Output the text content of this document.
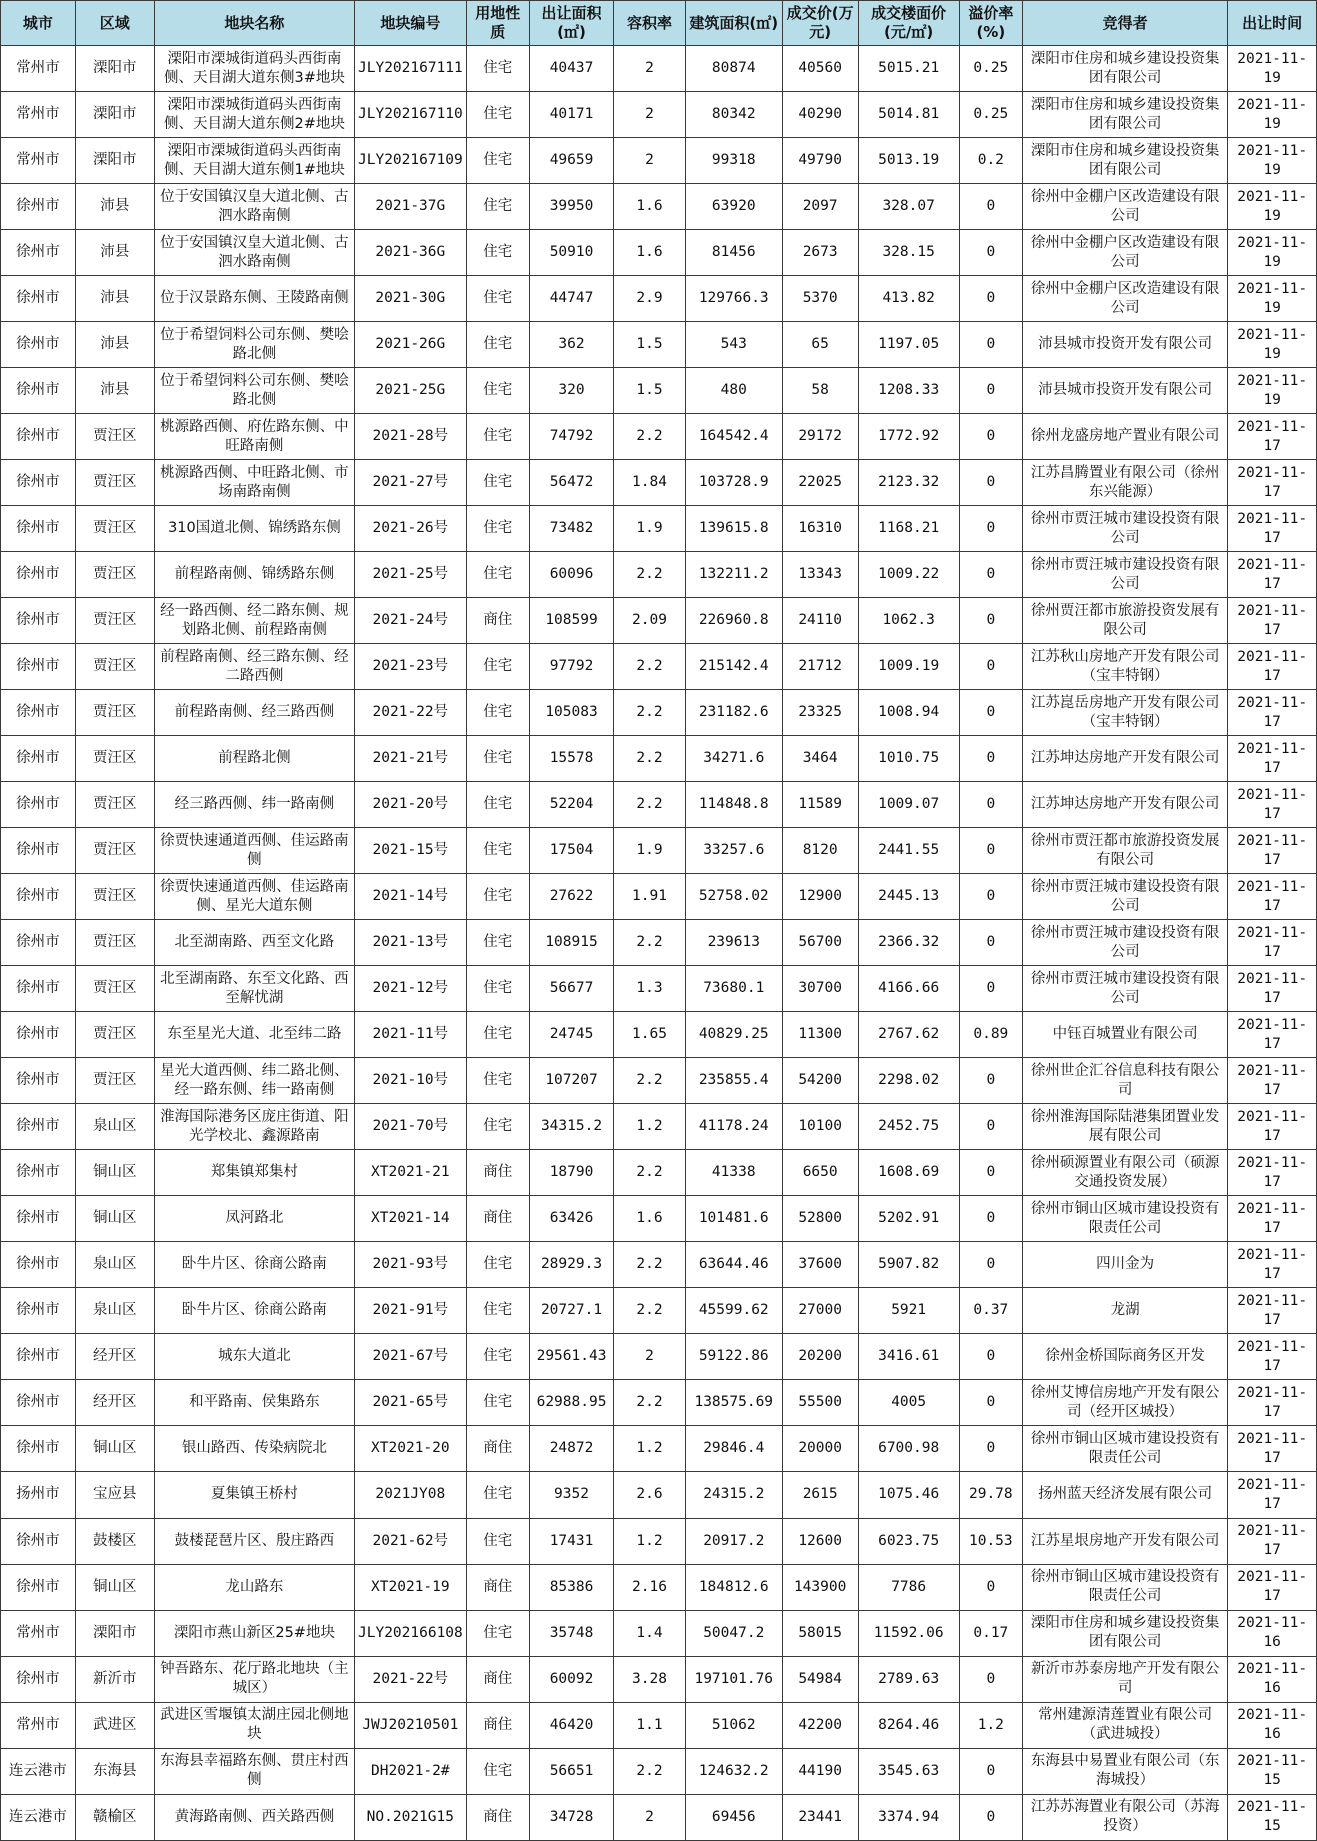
城市	区域	地块名称	地块编号	用地性质	出让面积(㎡)	容积率	建筑面积(㎡)	成交价(万元)	成交楼面价(元/㎡)	溢价率(%)	竞得者	出让时间
常州市	溧阳市	溧阳市溧城街道码头西街南侧、天目湖大道东侧3#地块	JLY202167111	住宅	40437	2	80874	40560	5015.21	0.25	溧阳市住房和城乡建设投资集团有限公司	2021-11-19
常州市	溧阳市	溧阳市溧城街道码头西街南侧、天目湖大道东侧2#地块	JLY202167110	住宅	40171	2	80342	40290	5014.81	0.25	溧阳市住房和城乡建设投资集团有限公司	2021-11-19
常州市	溧阳市	溧阳市溧城街道码头西街南侧、天目湖大道东侧1#地块	JLY202167109	住宅	49659	2	99318	49790	5013.19	0.2	溧阳市住房和城乡建设投资集团有限公司	2021-11-19
徐州市	沛县	位于安国镇汉皇大道北侧、古泗水路南侧	2021-37G	住宅	39950	1.6	63920	2097	328.07	0	徐州中金棚户区改造建设有限公司	2021-11-19
徐州市	沛县	位于安国镇汉皇大道北侧、古泗水路南侧	2021-36G	住宅	50910	1.6	81456	2673	328.15	0	徐州中金棚户区改造建设有限公司	2021-11-19
徐州市	沛县	位于汉景路东侧、王陵路南侧	2021-30G	住宅	44747	2.9	129766.3	5370	413.82	0	徐州中金棚户区改造建设有限公司	2021-11-19
徐州市	沛县	位于希望饲料公司东侧、樊哙路北侧	2021-26G	住宅	362	1.5	543	65	1197.05	0	沛县城市投资开发有限公司	2021-11-19
徐州市	沛县	位于希望饲料公司东侧、樊哙路北侧	2021-25G	住宅	320	1.5	480	58	1208.33	0	沛县城市投资开发有限公司	2021-11-19
徐州市	贾汪区	桃源路西侧、府佐路东侧、中旺路南侧	2021-28号	住宅	74792	2.2	164542.4	29172	1772.92	0	徐州龙盛房地产置业有限公司	2021-11-17
徐州市	贾汪区	桃源路西侧、中旺路北侧、市场南路南侧	2021-27号	住宅	56472	1.84	103728.9	22025	2123.32	0	江苏昌腾置业有限公司（徐州东兴能源）	2021-11-17
徐州市	贾汪区	310国道北侧、锦绣路东侧	2021-26号	住宅	73482	1.9	139615.8	16310	1168.21	0	徐州市贾汪城市建设投资有限公司	2021-11-17
徐州市	贾汪区	前程路南侧、锦绣路东侧	2021-25号	住宅	60096	2.2	132211.2	13343	1009.22	0	徐州市贾汪城市建设投资有限公司	2021-11-17
徐州市	贾汪区	经一路西侧、经二路东侧、规划路北侧、前程路南侧	2021-24号	商住	108599	2.09	226960.8	24110	1062.3	0	徐州贾汪都市旅游投资发展有限公司	2021-11-17
徐州市	贾汪区	前程路南侧、经三路东侧、经二路西侧	2021-23号	住宅	97792	2.2	215142.4	21712	1009.19	0	江苏秋山房地产开发有限公司（宝丰特钢）	2021-11-17
徐州市	贾汪区	前程路南侧、经三路西侧	2021-22号	住宅	105083	2.2	231182.6	23325	1008.94	0	江苏崑岳房地产开发有限公司（宝丰特钢）	2021-11-17
徐州市	贾汪区	前程路北侧	2021-21号	住宅	15578	2.2	34271.6	3464	1010.75	0	江苏坤达房地产开发有限公司	2021-11-17
徐州市	贾汪区	经三路西侧、纬一路南侧	2021-20号	住宅	52204	2.2	114848.8	11589	1009.07	0	江苏坤达房地产开发有限公司	2021-11-17
徐州市	贾汪区	徐贾快速通道西侧、佳运路南侧	2021-15号	住宅	17504	1.9	33257.6	8120	2441.55	0	徐州市贾汪都市旅游投资发展有限公司	2021-11-17
徐州市	贾汪区	徐贾快速通道西侧、佳运路南侧、星光大道东侧	2021-14号	住宅	27622	1.91	52758.02	12900	2445.13	0	徐州市贾汪城市建设投资有限公司	2021-11-17
徐州市	贾汪区	北至湖南路、西至文化路	2021-13号	住宅	108915	2.2	239613	56700	2366.32	0	徐州市贾汪城市建设投资有限公司	2021-11-17
徐州市	贾汪区	北至湖南路、东至文化路、西至解忧湖	2021-12号	住宅	56677	1.3	73680.1	30700	4166.66	0	徐州市贾汪城市建设投资有限公司	2021-11-17
徐州市	贾汪区	东至星光大道、北至纬二路	2021-11号	住宅	24745	1.65	40829.25	11300	2767.62	0.89	中钰百城置业有限公司	2021-11-17
徐州市	贾汪区	星光大道西侧、纬二路北侧、经一路东侧、纬一路南侧	2021-10号	住宅	107207	2.2	235855.4	54200	2298.02	0	徐州世企汇谷信息科技有限公司	2021-11-17
徐州市	泉山区	淮海国际港务区庞庄街道、阳光学校北、鑫源路南	2021-70号	住宅	34315.2	1.2	41178.24	10100	2452.75	0	徐州淮海国际陆港集团置业发展有限公司	2021-11-17
徐州市	铜山区	郑集镇郑集村	XT2021-21	商住	18790	2.2	41338	6650	1608.69	0	徐州硕源置业有限公司（硕源交通投资发展）	2021-11-17
徐州市	铜山区	凤河路北	XT2021-14	商住	63426	1.6	101481.6	52800	5202.91	0	徐州市铜山区城市建设投资有限责任公司	2021-11-17
徐州市	泉山区	卧牛片区、徐商公路南	2021-93号	住宅	28929.3	2.2	63644.46	37600	5907.82	0	四川金为	2021-11-17
徐州市	泉山区	卧牛片区、徐商公路南	2021-91号	住宅	20727.1	2.2	45599.62	27000	5921	0.37	龙湖	2021-11-17
徐州市	经开区	城东大道北	2021-67号	住宅	29561.43	2	59122.86	20200	3416.61	0	徐州金桥国际商务区开发	2021-11-17
徐州市	经开区	和平路南、侯集路东	2021-65号	住宅	62988.95	2.2	138575.69	55500	4005	0	徐州艾博信房地产开发有限公司（经开区城投）	2021-11-17
徐州市	铜山区	银山路西、传染病院北	XT2021-20	商住	24872	1.2	29846.4	20000	6700.98	0	徐州市铜山区城市建设投资有限责任公司	2021-11-17
扬州市	宝应县	夏集镇王桥村	2021JY08	住宅	9352	2.6	24315.2	2615	1075.46	29.78	扬州蓝天经济发展有限公司	2021-11-17
徐州市	鼓楼区	鼓楼琵琶片区、殷庄路西	2021-62号	住宅	17431	1.2	20917.2	12600	6023.75	10.53	江苏星垠房地产开发有限公司	2021-11-17
徐州市	铜山区	龙山路东	XT2021-19	商住	85386	2.16	184812.6	143900	7786	0	徐州市铜山区城市建设投资有限责任公司	2021-11-17
常州市	溧阳市	溧阳市燕山新区25#地块	JLY202166108	住宅	35748	1.4	50047.2	58015	11592.06	0.17	溧阳市住房和城乡建设投资集团有限公司	2021-11-16
徐州市	新沂市	钟吾路东、花厅路北地块（主城区）	2021-22号	商住	60092	3.28	197101.76	54984	2789.63	0	新沂市苏泰房地产开发有限公司	2021-11-16
常州市	武进区	武进区雪堰镇太湖庄园北侧地块	JWJ20210501	商住	46420	1.1	51062	42200	8264.46	1.2	常州建源清莲置业有限公司（武进城投）	2021-11-16
连云港市	东海县	东海县幸福路东侧、贯庄村西侧	DH2021-2#	住宅	56651	2.2	124632.2	44190	3545.63	0	东海县中易置业有限公司（东海城投）	2021-11-15
连云港市	赣榆区	黄海路南侧、西关路西侧	NO.2021G15	商住	34728	2	69456	23441	3374.94	0	江苏苏海置业有限公司（苏海投资）	2021-11-15
